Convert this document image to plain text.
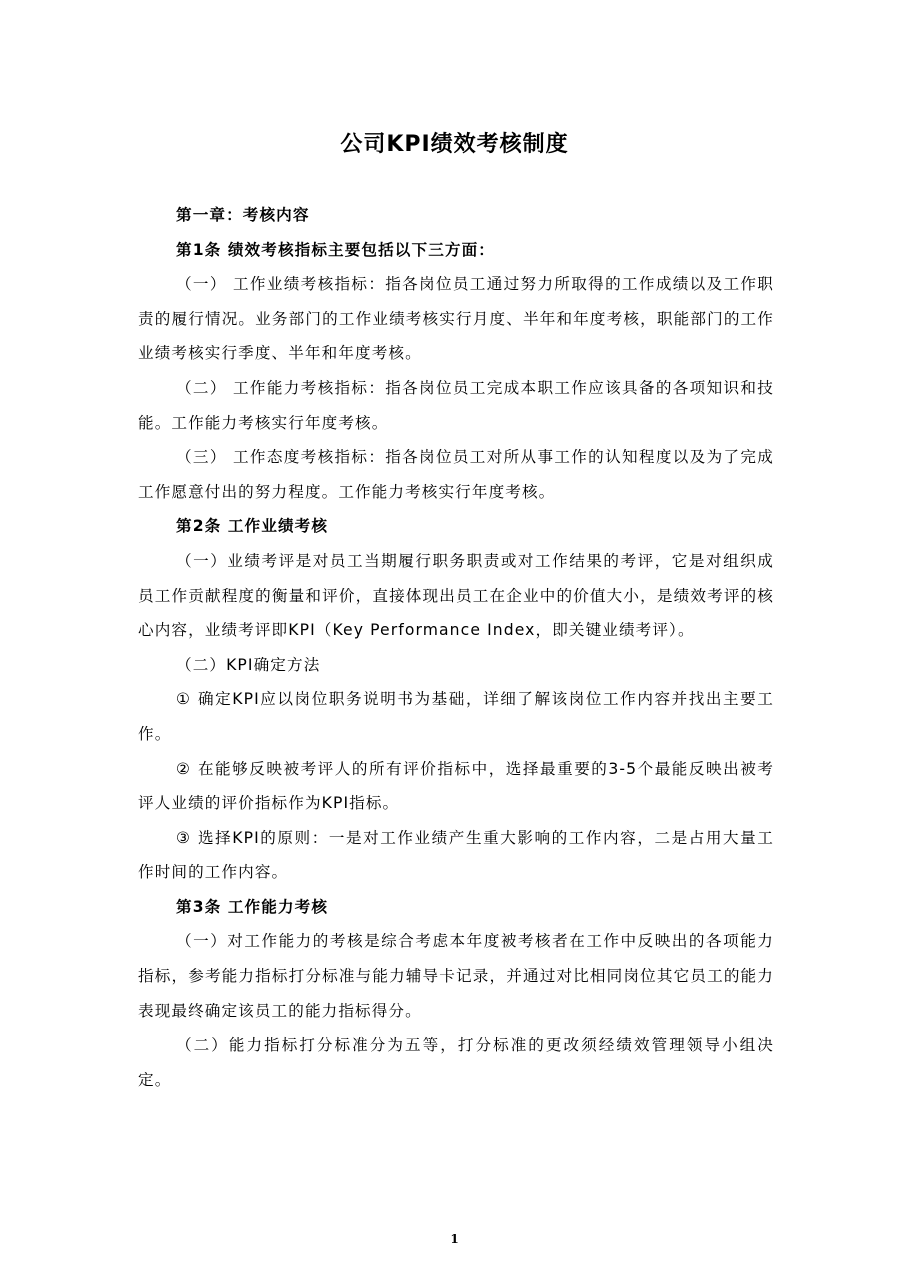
公司KPI绩效考核制度

第一章：考核内容

第1条 绩效考核指标主要包括以下三方面：

（一） 工作业绩考核指标：指各岗位员工通过努力所取得的工作成绩以及工作职责的履行情况。业务部门的工作业绩考核实行月度、半年和年度考核，职能部门的工作业绩考核实行季度、半年和年度考核。

（二） 工作能力考核指标：指各岗位员工完成本职工作应该具备的各项知识和技能。工作能力考核实行年度考核。

（三） 工作态度考核指标：指各岗位员工对所从事工作的认知程度以及为了完成工作愿意付出的努力程度。工作能力考核实行年度考核。

第2条 工作业绩考核

（一）业绩考评是对员工当期履行职务职责或对工作结果的考评，它是对组织成员工作贡献程度的衡量和评价，直接体现出员工在企业中的价值大小，是绩效考评的核心内容，业绩考评即KPI（Key Performance Index，即关键业绩考评）。

（二）KPI确定方法

① 确定KPI应以岗位职务说明书为基础，详细了解该岗位工作内容并找出主要工作。

② 在能够反映被考评人的所有评价指标中，选择最重要的3-5个最能反映出被考评人业绩的评价指标作为KPI指标。

③ 选择KPI的原则：一是对工作业绩产生重大影响的工作内容，二是占用大量工作时间的工作内容。

第3条 工作能力考核

（一）对工作能力的考核是综合考虑本年度被考核者在工作中反映出的各项能力指标，参考能力指标打分标准与能力辅导卡记录，并通过对比相同岗位其它员工的能力表现最终确定该员工的能力指标得分。

（二）能力指标打分标准分为五等，打分标准的更改须经绩效管理领导小组决定。

1
